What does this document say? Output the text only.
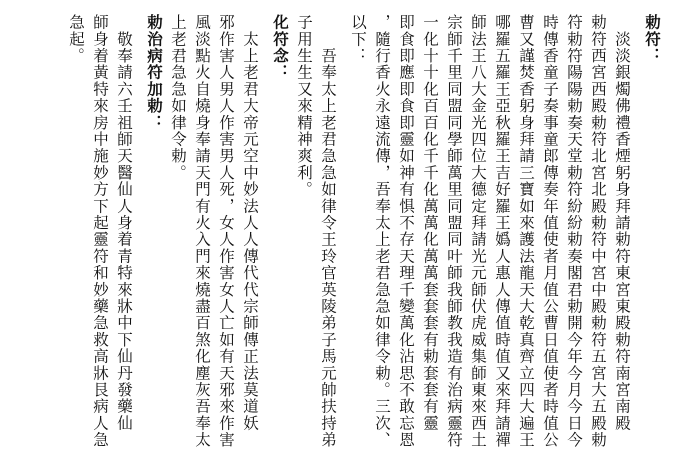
勅符：
　淡淡銀燭佛禮香煙躬身拜請勅符東宮東殿勅符南宮南殿
勅符西宮西殿勅符北宮北殿勅符中宮中殿勅符五宮大五殿勅
符勅符陽陽勅奏天堂勅符紛紛勅奏閣君勅開今年今月今日今
時傳香童子奏事童郎傳奏年值使者月值公曹日值使者時值公
曹又謹焚香躬身拜請三寶如來護法龍天大乾真齊立四大遍王
哪羅五羅王亞秋羅王吉好羅王嬀人惠人傳值時值又來拜請禪
師法王八大金光四位大德定拜請光元師伏虎威集師東來西土
宗師千里同盟同學師萬里同盟同叶師我師教我造有治病靈符
一化十十化百百化千千化萬萬化萬萬套套套有勅套套有靈
即食即應即食即靈如神有惧不存天理千變萬化沾思不敢忘恩
，隨行香火永遠流傳，吾奉太上老君急急如律令勅。三次、
以下：
　　吾奉太上老君急急如律令王玲官英陵弟子馬元帥扶持弟
子用生生又來精神爽利。
化符念：
　太上老君大帝元空中妙法人人傳代代宗師傳正法莫道妖
邪作害人男人作害男人死，女人作害女人亡如有天邪來作害
風淡點火自燒身奉請天門有火入門來燒盡百煞化塵灰吾奉太
上老君急急如律令勅。
勅治病符加勅：
　敬奉請六壬祖師天醫仙人身着青特來牀中下仙丹發藥仙
師身着黃特來房中施妙方下起靈符和妙藥急救高牀艮病人急
急起。
